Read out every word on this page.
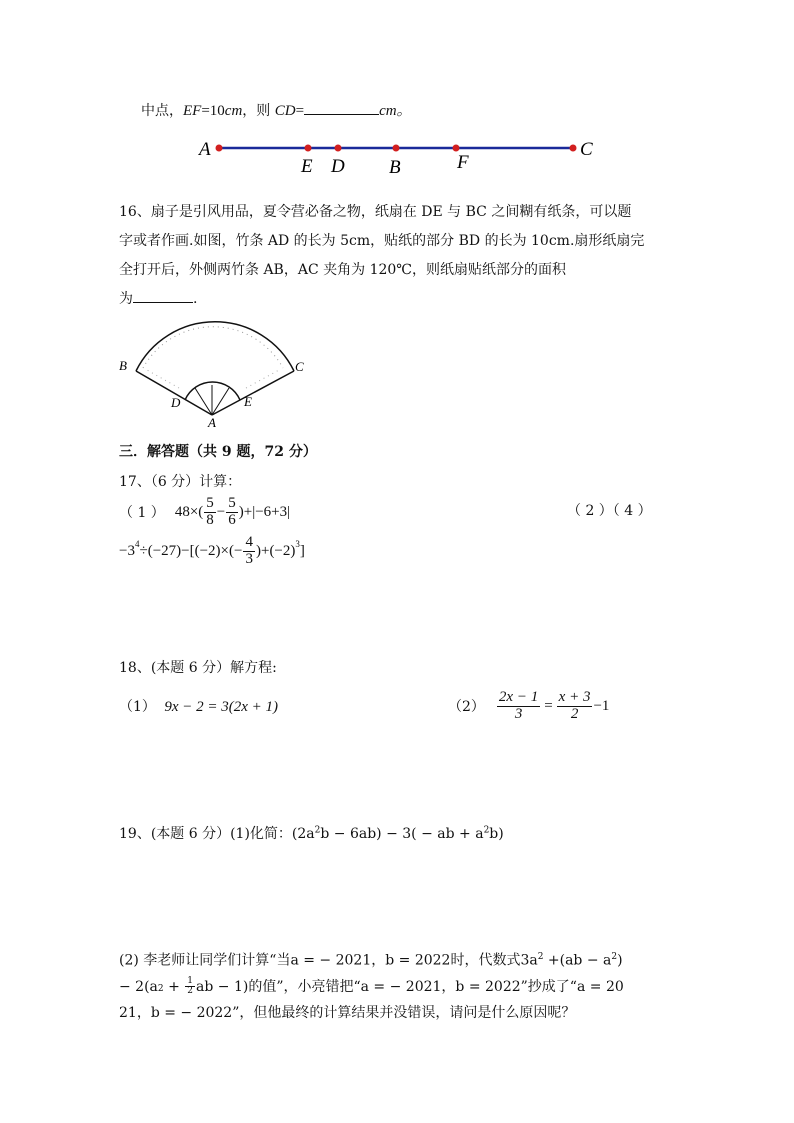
中点，EF=10cm，则 CD=	cm。
A
E D B	F
C
16、扇子是引风用品，夏令营必备之物，纸扇在 DE 与 BC 之间糊有纸条，可以题
字或者作画.如图，竹条 AD 的长为 5cm，贴纸的部分 BD 的长为 10cm.扇形纸扇完
全打开后，外侧两竹条 AB，AC 夹角为 120℃，则纸扇贴纸部分的面积
为	.
B	C
D	E
A
三．解答题（共 9 题，72 分）
17、（6 分）计算：
（ 1 ） $48\times( \frac{5}{8} - \frac{5}{6} )+|-6+3|$	（ 2 ）（ 4 ）
$-3^4 \div(-27)-[(-2)\times(- \frac{4}{3} )+(-2)^3$ ]
18、(本题 6 分）解方程:
（1） 9x − 2 = 3(2x + 1)	$(2) \frac{2x - 1}{3} = \frac{x + 3}{2} -1$
19、(本题 6 分）(1)化简：$(2a^2b - 6ab) - 3$( − ab + $a^2b$)
(2) 李老师让同学们计算“当a = − 2021，b = 2022时，代数式$3a^2 +(ab - a^2)$
− 2(a $2 + \frac{1}{2}$ ab − 1)的值”，小亮错把“a = − 2021，b = 2022”抄成了“a = 20
21，b = − 2022”，但他最终的计算结果并没错误，请问是什么原因呢？
